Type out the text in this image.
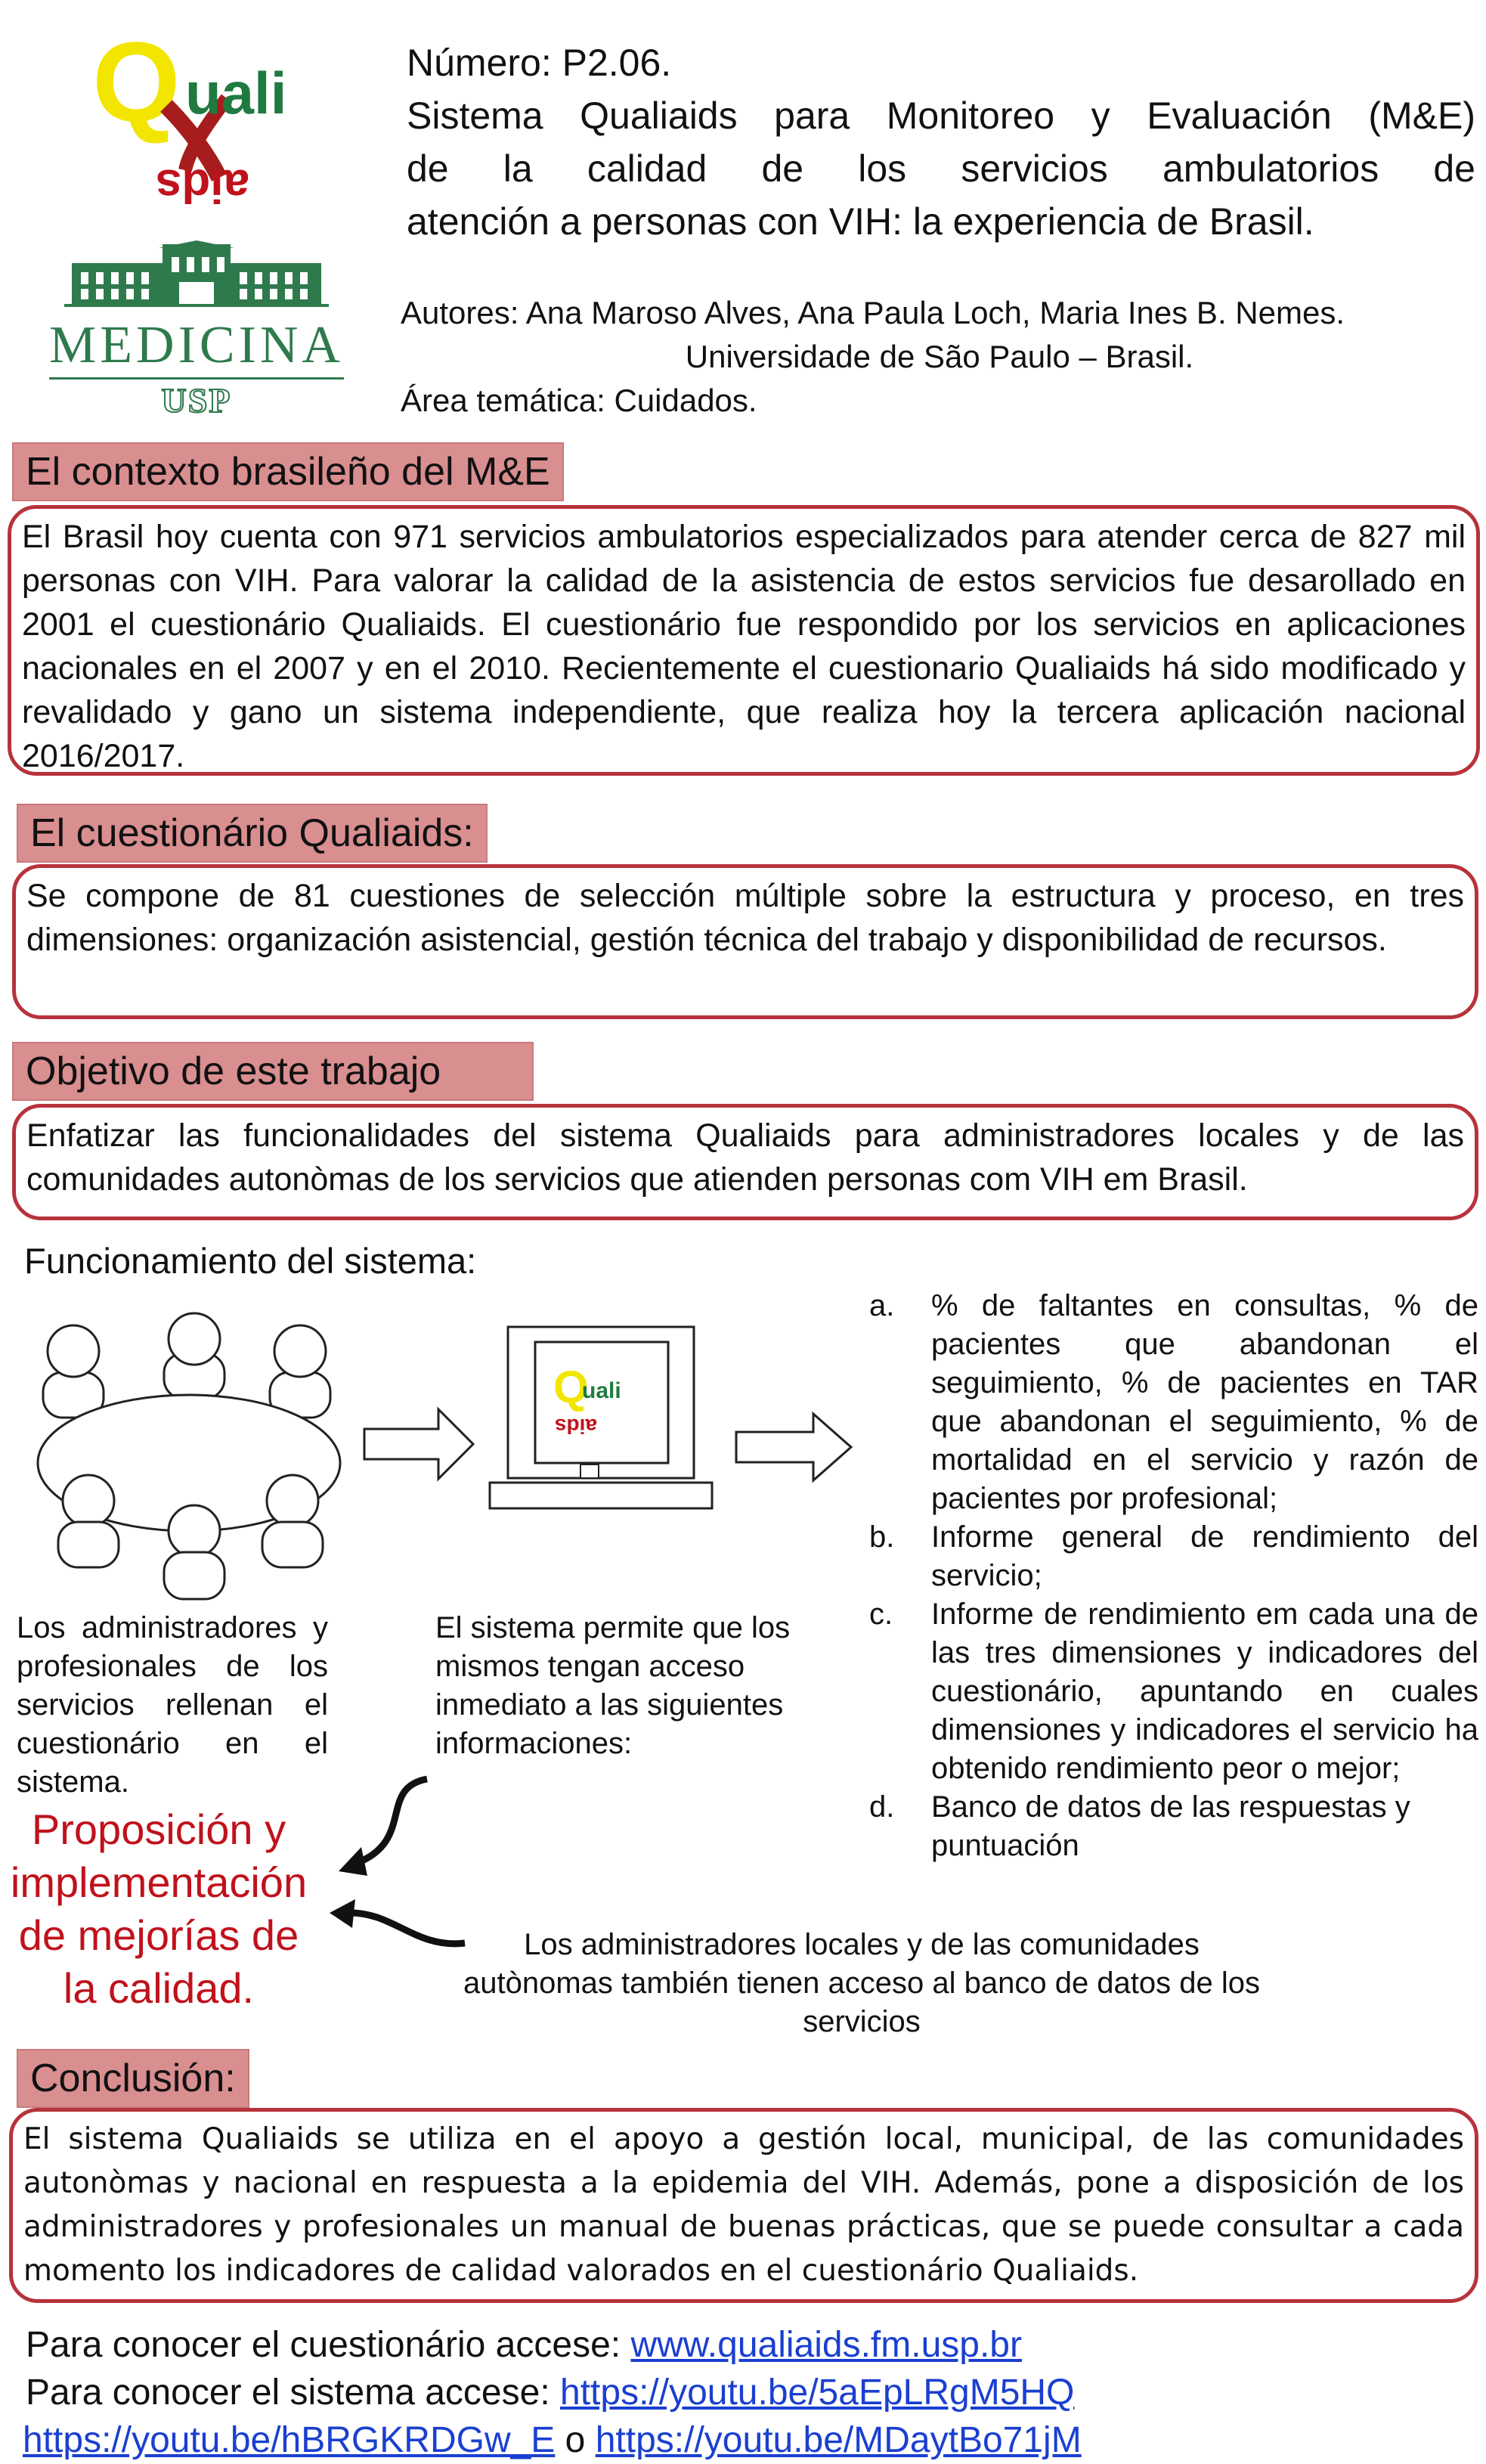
Q uali
aids
MEDICINA
USP
Número: P2.06.
Sistema Qualiaids para Monitoreo y Evaluación (M&E)
de la calidad de los servicios ambulatorios de
atención a personas con VIH: la experiencia de Brasil.
Autores: Ana Maroso Alves, Ana Paula Loch, Maria Ines B. Nemes.
Universidade de São Paulo – Brasil.
Área temática: Cuidados.
El contexto brasileño del M&E
El Brasil hoy cuenta con 971 servicios ambulatorios especializados para atender cerca de 827 mil personas con VIH. Para valorar la calidad de la asistencia de estos servicios fue desarollado en 2001 el cuestionário Qualiaids. El cuestionário fue respondido por los servicios en aplicaciones nacionales en el 2007 y en el 2010. Recientemente el cuestionario Qualiaids há sido modificado y revalidado y gano un sistema independiente, que realiza hoy la tercera aplicación nacional 2016/2017.
El cuestionário Qualiaids:
Se compone de 81 cuestiones de selección múltiple sobre la estructura y proceso, en tres dimensiones: organización asistencial, gestión técnica del trabajo y disponibilidad de recursos.
Objetivo de este trabajo
Enfatizar las funcionalidades del sistema Qualiaids para administradores locales y de las comunidades autonòmas de los servicios que atienden personas com VIH em Brasil.
Funcionamiento del sistema:
Q
uali
aids
a.	% de faltantes en consultas, % de pacientes que abandonan el seguimiento, % de pacientes en TAR que abandonan el seguimiento, % de mortalidad en el servicio y razón de pacientes por profesional;
b.	Informe general de rendimiento del servicio;
c.	Informe de rendimiento em cada una de las tres dimensiones y indicadores del cuestionário, apuntando en cuales dimensiones y indicadores el servicio ha obtenido rendimiento peor o mejor;
d.	Banco de datos de las respuestas y puntuación
Los administradores y profesionales de los servicios rellenan el cuestionário en el sistema.
El sistema permite que los mismos tengan acceso inmediato a las siguientes informaciones:
Proposición y implementación de mejorías de la calidad.
Los administradores locales y de las comunidades autònomas también tienen acceso al banco de datos de los servicios
Conclusión:
El sistema Qualiaids se utiliza en el apoyo a gestión local, municipal, de las comunidades autonòmas y nacional en respuesta a la epidemia del VIH. Además, pone a disposición de los administradores y profesionales un manual de buenas prácticas, que se puede consultar a cada momento los indicadores de calidad valorados en el cuestionário Qualiaids.
Para conocer el cuestionário accese: www.qualiaids.fm.usp.br
Para conocer el sistema accese: https://youtu.be/5aEpLRgM5HQ
https://youtu.be/hBRGKRDGw_E o https://youtu.be/MDaytBo71jM
